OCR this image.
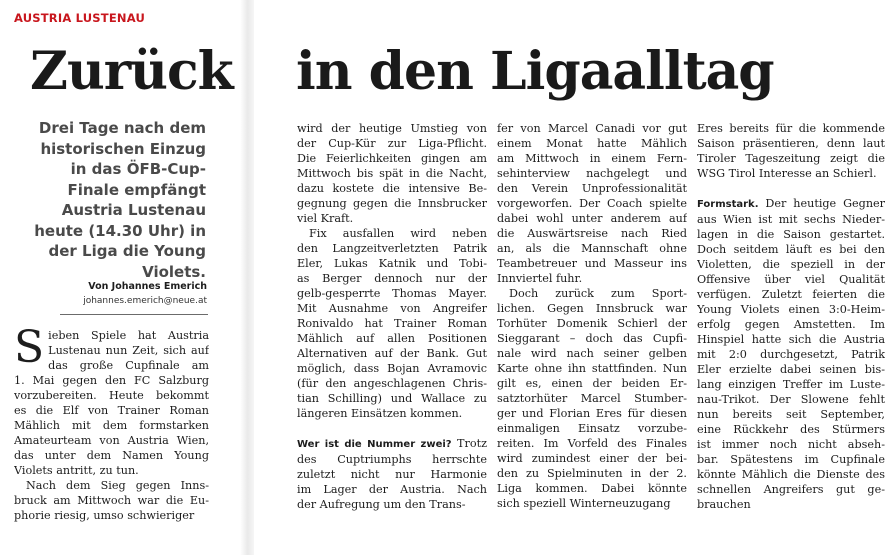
AUSTRIA LUSTENAU
Zurück in den Ligaalltag

Drei Tage nach dem historischen Einzug in das ÖFB-Cup-Finale empfängt Austria Lustenau heute (14.30 Uhr) in der Liga die Young Violets.

Von Johannes Emerich

johannes.emerich@neue.at

S ieben Spiele hat Austria
Lustenau nun Zeit, sich auf
das große Cupfinale am
1. Mai gegen den FC Salzburg
vorzubereiten. Heute bekommt
es die Elf von Trainer Roman
Mählich mit dem formstarken
Amateurteam von Austria Wien,
das unter dem Namen Young
Violets antritt, zu tun.
Nach dem Sieg gegen Inns-
bruck am Mittwoch war die Eu-
phorie riesig, umso schwieriger
wird der heutige Umstieg von
der Cup-Kür zur Liga-Pflicht.
Die Feierlichkeiten gingen am
Mittwoch bis spät in die Nacht,
dazu kostete die intensive Be-
gegnung gegen die Innsbrucker
viel Kraft.
Fix ausfallen wird neben
den Langzeitverletzten Patrik
Eler, Lukas Katnik und Tobi-
as Berger dennoch nur der
gelb-gesperrte Thomas Mayer.
Mit Ausnahme von Angreifer
Ronivaldo hat Trainer Roman
Mählich auf allen Positionen
Alternativen auf der Bank. Gut
möglich, dass Bojan Avramovic
(für den angeschlagenen Chris-
tian Schilling) und Wallace zu
längeren Einsätzen kommen.

Wer ist die Nummer zwei? Trotz
des Cuptriumphs herrschte
zuletzt nicht nur Harmonie
im Lager der Austria. Nach
der Aufregung um den Trans-
fer von Marcel Canadi vor gut
einem Monat hatte Mählich
am Mittwoch in einem Fern-
sehinterview nachgelegt und
den Verein Unprofessionalität
vorgeworfen. Der Coach spielte
dabei wohl unter anderem auf
die Auswärtsreise nach Ried
an, als die Mannschaft ohne
Teambetreuer und Masseur ins
Innviertel fuhr.
Doch zurück zum Sport-
lichen. Gegen Innsbruck war
Torhüter Domenik Schierl der
Sieggarant – doch das Cupfi-
nale wird nach seiner gelben
Karte ohne ihn stattfinden. Nun
gilt es, einen der beiden Er-
satztorhüter Marcel Stumber-
ger und Florian Eres für diesen
einmaligen Einsatz vorzube-
reiten. Im Vorfeld des Finales
wird zumindest einer der bei-
den zu Spielminuten in der 2.
Liga kommen. Dabei könnte
sich speziell Winterneuzugang
Eres bereits für die kommende
Saison präsentieren, denn laut
Tiroler Tageszeitung zeigt die
WSG Tirol Interesse an Schierl.

Formstark. Der heutige Gegner
aus Wien ist mit sechs Nieder-
lagen in die Saison gestartet.
Doch seitdem läuft es bei den
Violetten, die speziell in der
Offensive über viel Qualität
verfügen. Zuletzt feierten die
Young Violets einen 3:0-Heim-
erfolg gegen Amstetten. Im
Hinspiel hatte sich die Austria
mit 2:0 durchgesetzt, Patrik
Eler erzielte dabei seinen bis-
lang einzigen Treffer im Luste-
nau-Trikot. Der Slowene fehlt
nun bereits seit September,
eine Rückkehr des Stürmers
ist immer noch nicht abseh-
bar. Spätestens im Cupfinale
könnte Mählich die Dienste des
schnellen Angreifers gut ge-
brauchen
